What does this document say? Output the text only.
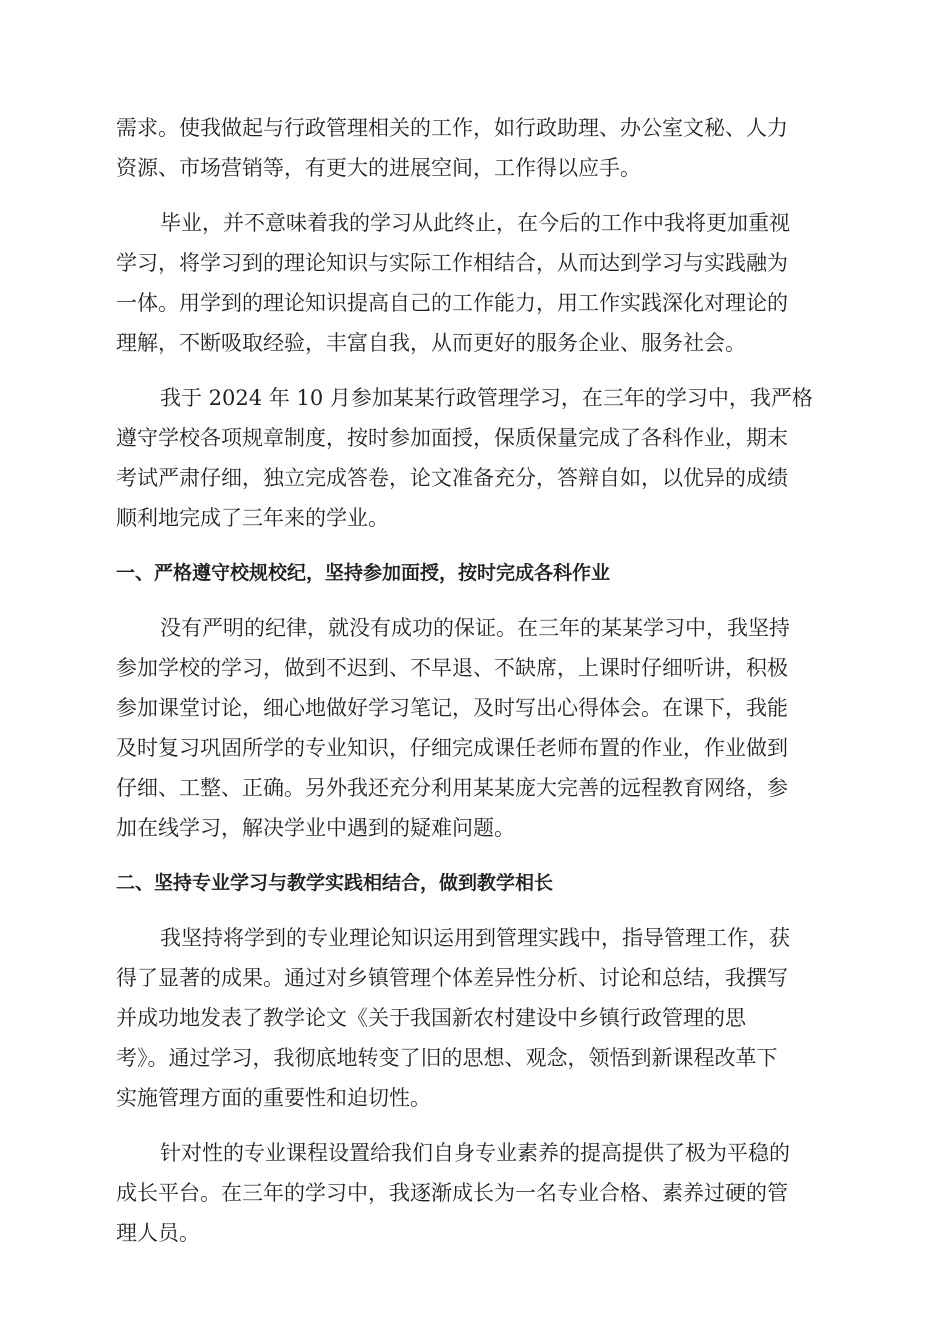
需求。使我做起与行政管理相关的工作，如行政助理、办公室文秘、人力
资源、市场营销等，有更大的进展空间，工作得以应手。

毕业，并不意味着我的学习从此终止，在今后的工作中我将更加重视
学习，将学习到的理论知识与实际工作相结合，从而达到学习与实践融为
一体。用学到的理论知识提高自己的工作能力，用工作实践深化对理论的
理解，不断吸取经验，丰富自我，从而更好的服务企业、服务社会。

我于 2024 年 10 月参加某某行政管理学习，在三年的学习中，我严格
遵守学校各项规章制度，按时参加面授，保质保量完成了各科作业，期末
考试严肃仔细，独立完成答卷，论文准备充分，答辩自如，以优异的成绩
顺利地完成了三年来的学业。

一、严格遵守校规校纪，坚持参加面授，按时完成各科作业

没有严明的纪律，就没有成功的保证。在三年的某某学习中，我坚持
参加学校的学习，做到不迟到、不早退、不缺席，上课时仔细听讲，积极
参加课堂讨论，细心地做好学习笔记，及时写出心得体会。在课下，我能
及时复习巩固所学的专业知识，仔细完成课任老师布置的作业，作业做到
仔细、工整、正确。另外我还充分利用某某庞大完善的远程教育网络，参
加在线学习，解决学业中遇到的疑难问题。

二、坚持专业学习与教学实践相结合，做到教学相长

我坚持将学到的专业理论知识运用到管理实践中，指导管理工作，获
得了显著的成果。通过对乡镇管理个体差异性分析、讨论和总结，我撰写
并成功地发表了教学论文《关于我国新农村建设中乡镇行政管理的思
考》。通过学习，我彻底地转变了旧的思想、观念，领悟到新课程改革下
实施管理方面的重要性和迫切性。

针对性的专业课程设置给我们自身专业素养的提高提供了极为平稳的
成长平台。在三年的学习中，我逐渐成长为一名专业合格、素养过硬的管
理人员。
